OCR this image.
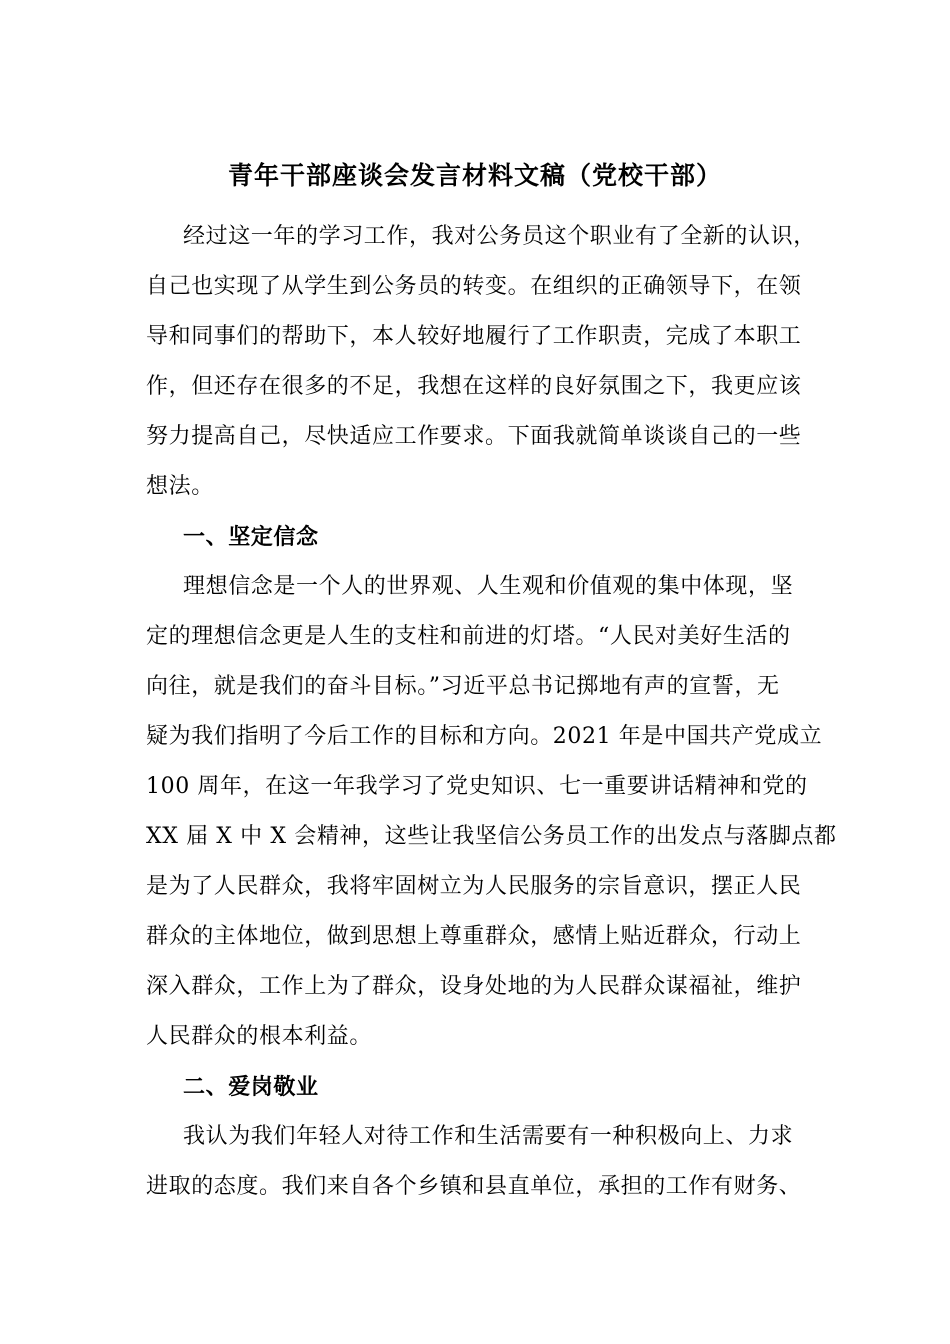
青年干部座谈会发言材料文稿（党校干部）
经过这一年的学习工作，我对公务员这个职业有了全新的认识，
自己也实现了从学生到公务员的转变。在组织的正确领导下，在领
导和同事们的帮助下，本人较好地履行了工作职责，完成了本职工
作，但还存在很多的不足，我想在这样的良好氛围之下，我更应该
努力提高自己，尽快适应工作要求。下面我就简单谈谈自己的一些
想法。
一、坚定信念
理想信念是一个人的世界观、人生观和价值观的集中体现，坚
定的理想信念更是人生的支柱和前进的灯塔。“人民对美好生活的
向往，就是我们的奋斗目标。”习近平总书记掷地有声的宣誓，无
疑为我们指明了今后工作的目标和方向。2021 年是中国共产党成立
100 周年，在这一年我学习了党史知识、七一重要讲话精神和党的
XX 届 X 中 X 会精神，这些让我坚信公务员工作的出发点与落脚点都
是为了人民群众，我将牢固树立为人民服务的宗旨意识，摆正人民
群众的主体地位，做到思想上尊重群众，感情上贴近群众，行动上
深入群众，工作上为了群众，设身处地的为人民群众谋福祉，维护
人民群众的根本利益。
二、爱岗敬业
我认为我们年轻人对待工作和生活需要有一种积极向上、力求
进取的态度。我们来自各个乡镇和县直单位，承担的工作有财务、
